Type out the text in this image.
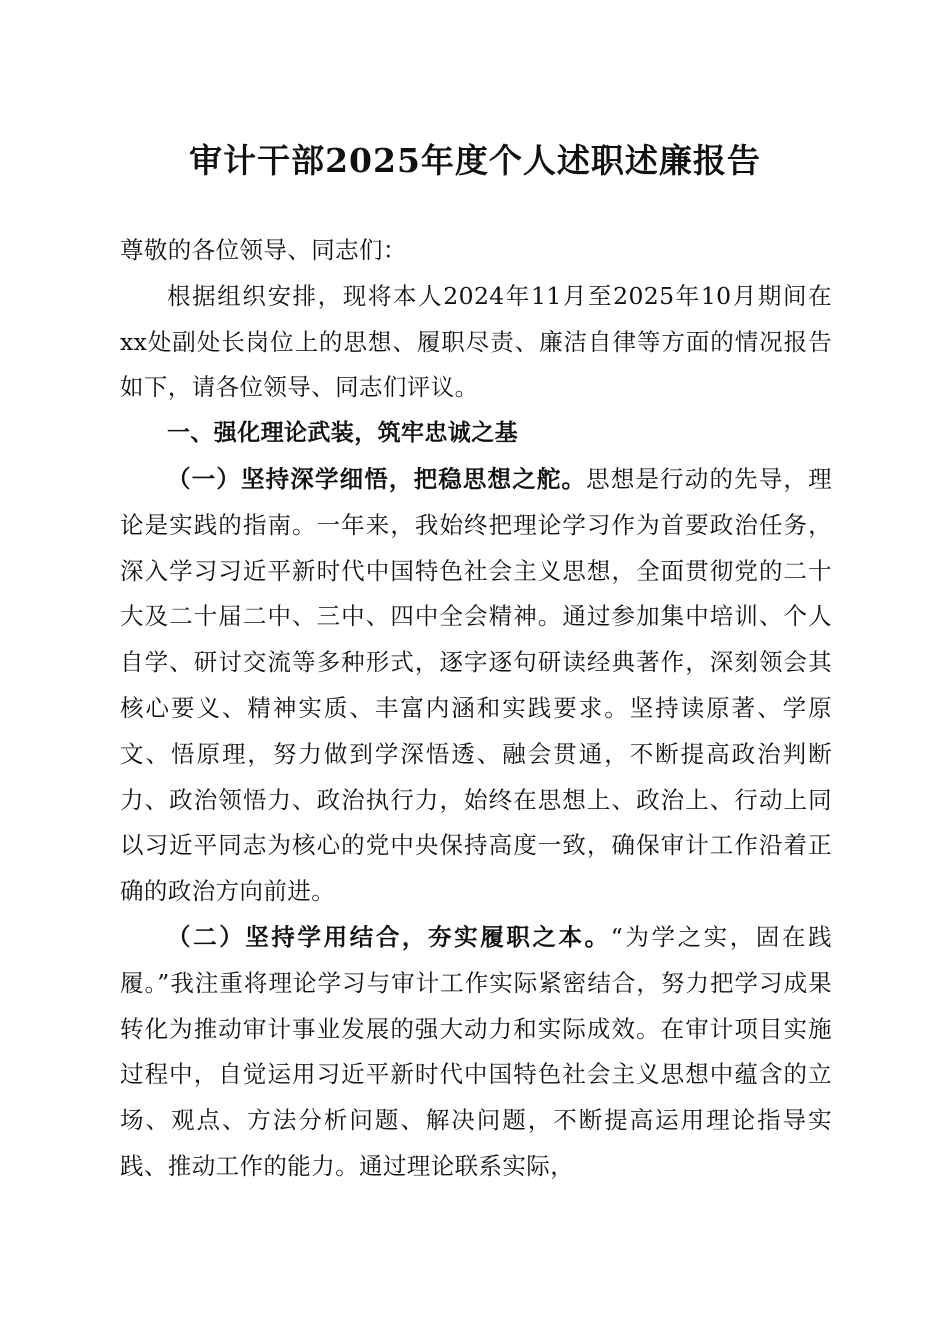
审计干部2025年度个人述职述廉报告

尊敬的各位领导、同志们：

根据组织安排，现将本人2024年11月至2025年10月期间在xx处副处长岗位上的思想、履职尽责、廉洁自律等方面的情况报告如下，请各位领导、同志们评议。

一、强化理论武装，筑牢忠诚之基

（一）坚持深学细悟，把稳思想之舵。思想是行动的先导，理论是实践的指南。一年来，我始终把理论学习作为首要政治任务，深入学习习近平新时代中国特色社会主义思想，全面贯彻党的二十大及二十届二中、三中、四中全会精神。通过参加集中培训、个人自学、研讨交流等多种形式，逐字逐句研读经典著作，深刻领会其核心要义、精神实质、丰富内涵和实践要求。坚持读原著、学原文、悟原理，努力做到学深悟透、融会贯通，不断提高政治判断力、政治领悟力、政治执行力，始终在思想上、政治上、行动上同以习近平同志为核心的党中央保持高度一致，确保审计工作沿着正确的政治方向前进。

（二）坚持学用结合，夯实履职之本。“为学之实，固在践履。”我注重将理论学习与审计工作实际紧密结合，努力把学习成果转化为推动审计事业发展的强大动力和实际成效。在审计项目实施过程中，自觉运用习近平新时代中国特色社会主义思想中蕴含的立场、观点、方法分析问题、解决问题，不断提高运用理论指导实践、推动工作的能力。通过理论联系实际，
